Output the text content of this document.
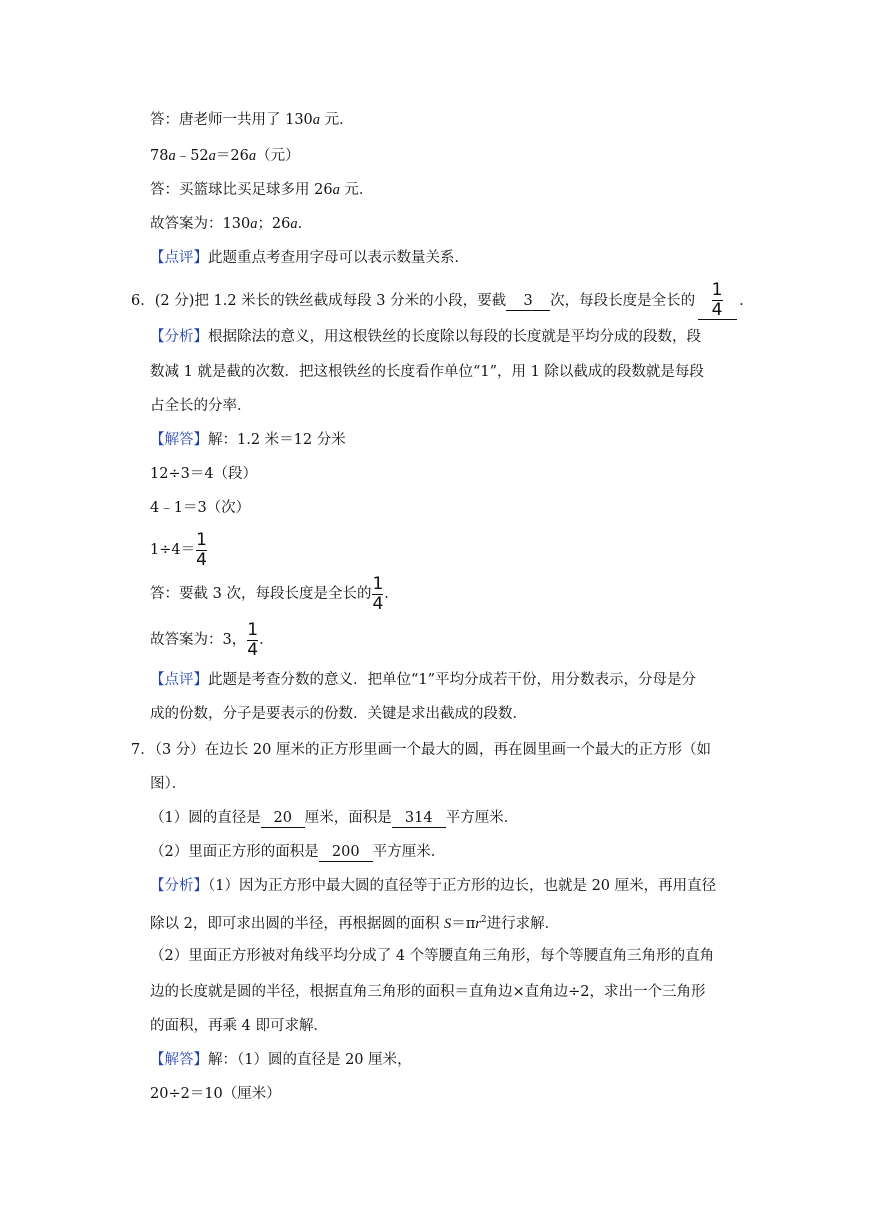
答：唐老师一共用了 130a 元．
78a﹣52a＝26a（元）
答：买篮球比买足球多用 26a 元．
故答案为：130a；26a．
【点评】此题重点考查用字母可以表示数量关系．
6．(2 分)把 1.2 米长的铁丝截成每段 3 分米的小段，要截 3 次，每段长度是全长的 $\frac{1}{4}$ ．
【分析】根据除法的意义，用这根铁丝的长度除以每段的长度就是平均分成的段数，段
数减 1 就是截的次数．把这根铁丝的长度看作单位“1”，用 1 除以截成的段数就是每段
占全长的分率．
【解答】解：1.2 米＝12 分米
12÷3＝4（段）
4﹣1＝3（次）
$1\div 4= \frac{1}{4}$
答：要截 3 次，每段长度是全长的 $\frac{1}{4}$ ．
故答案为：3， $\frac{1}{4}$ ．
【点评】此题是考查分数的意义．把单位“1”平均分成若干份，用分数表示，分母是分
成的份数，分子是要表示的份数．关键是求出截成的段数．
7．（3 分）在边长 20 厘米的正方形里画一个最大的圆，再在圆里画一个最大的正方形（如
图）．
（1）圆的直径是 20 厘米，面积是 314 平方厘米．
（2）里面正方形的面积是 200 平方厘米．
【分析】（1）因为正方形中最大圆的直径等于正方形的边长，也就是 20 厘米，再用直径
除以 2，即可求出圆的半径，再根据圆的面积 $S=\pi r^2$进行求解．
（2）里面正方形被对角线平均分成了 4 个等腰直角三角形，每个等腰直角三角形的直角
边的长度就是圆的半径，根据直角三角形的面积＝直角边×直角边÷2，求出一个三角形
的面积，再乘 4 即可求解．
【解答】解：（1）圆的直径是 20 厘米，
20÷2＝10（厘米）
